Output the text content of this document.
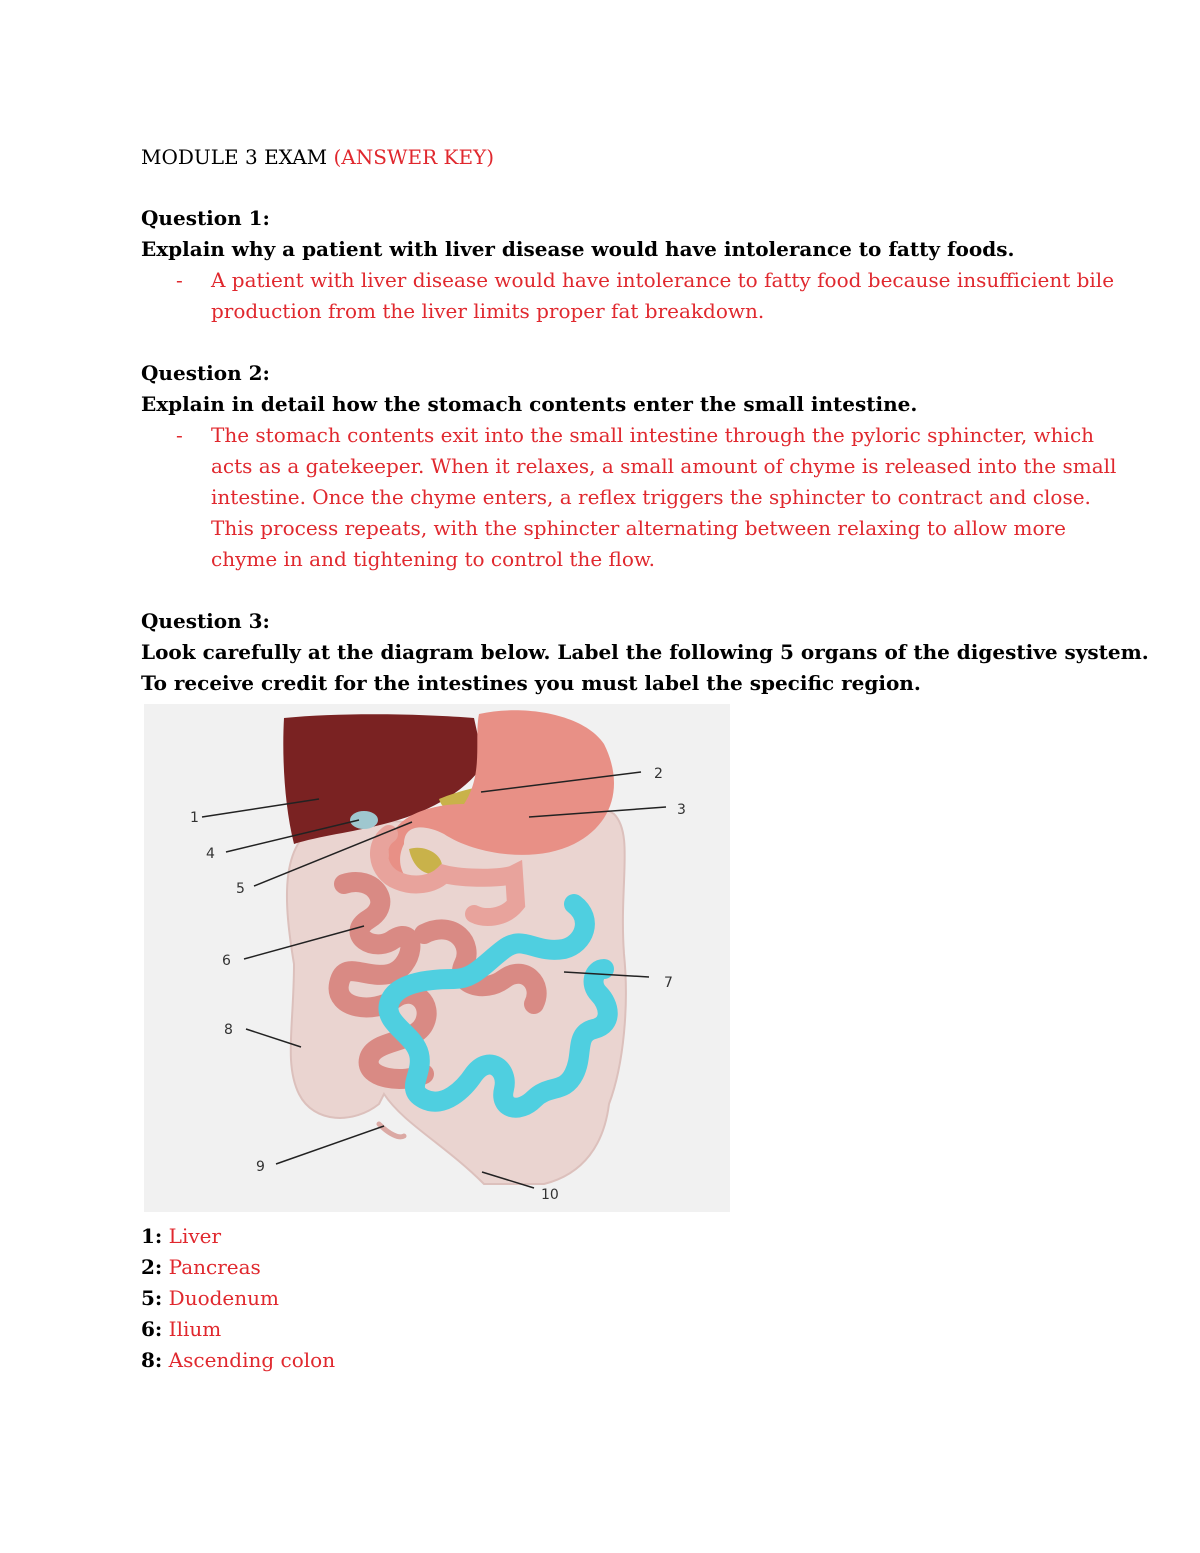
MODULE 3 EXAM (ANSWER KEY)
Question 1:
Explain why a patient with liver disease would have intolerance to fatty foods.
- A patient with liver disease would have intolerance to fatty food because insufficient bile
production from the liver limits proper fat breakdown.
Question 2:
Explain in detail how the stomach contents enter the small intestine.
- The stomach contents exit into the small intestine through the pyloric sphincter, which
acts as a gatekeeper. When it relaxes, a small amount of chyme is released into the small
intestine. Once the chyme enters, a reflex triggers the sphincter to contract and close.
This process repeats, with the sphincter alternating between relaxing to allow more
chyme in and tightening to control the flow.
Question 3:
Look carefully at the diagram below. Label the following 5 organs of the digestive system.
To receive credit for the intestines you must label the specific region.
1
2
3
4
5
6
7
8
9
10
1: Liver
2: Pancreas
5: Duodenum
6: Ilium
8: Ascending colon
